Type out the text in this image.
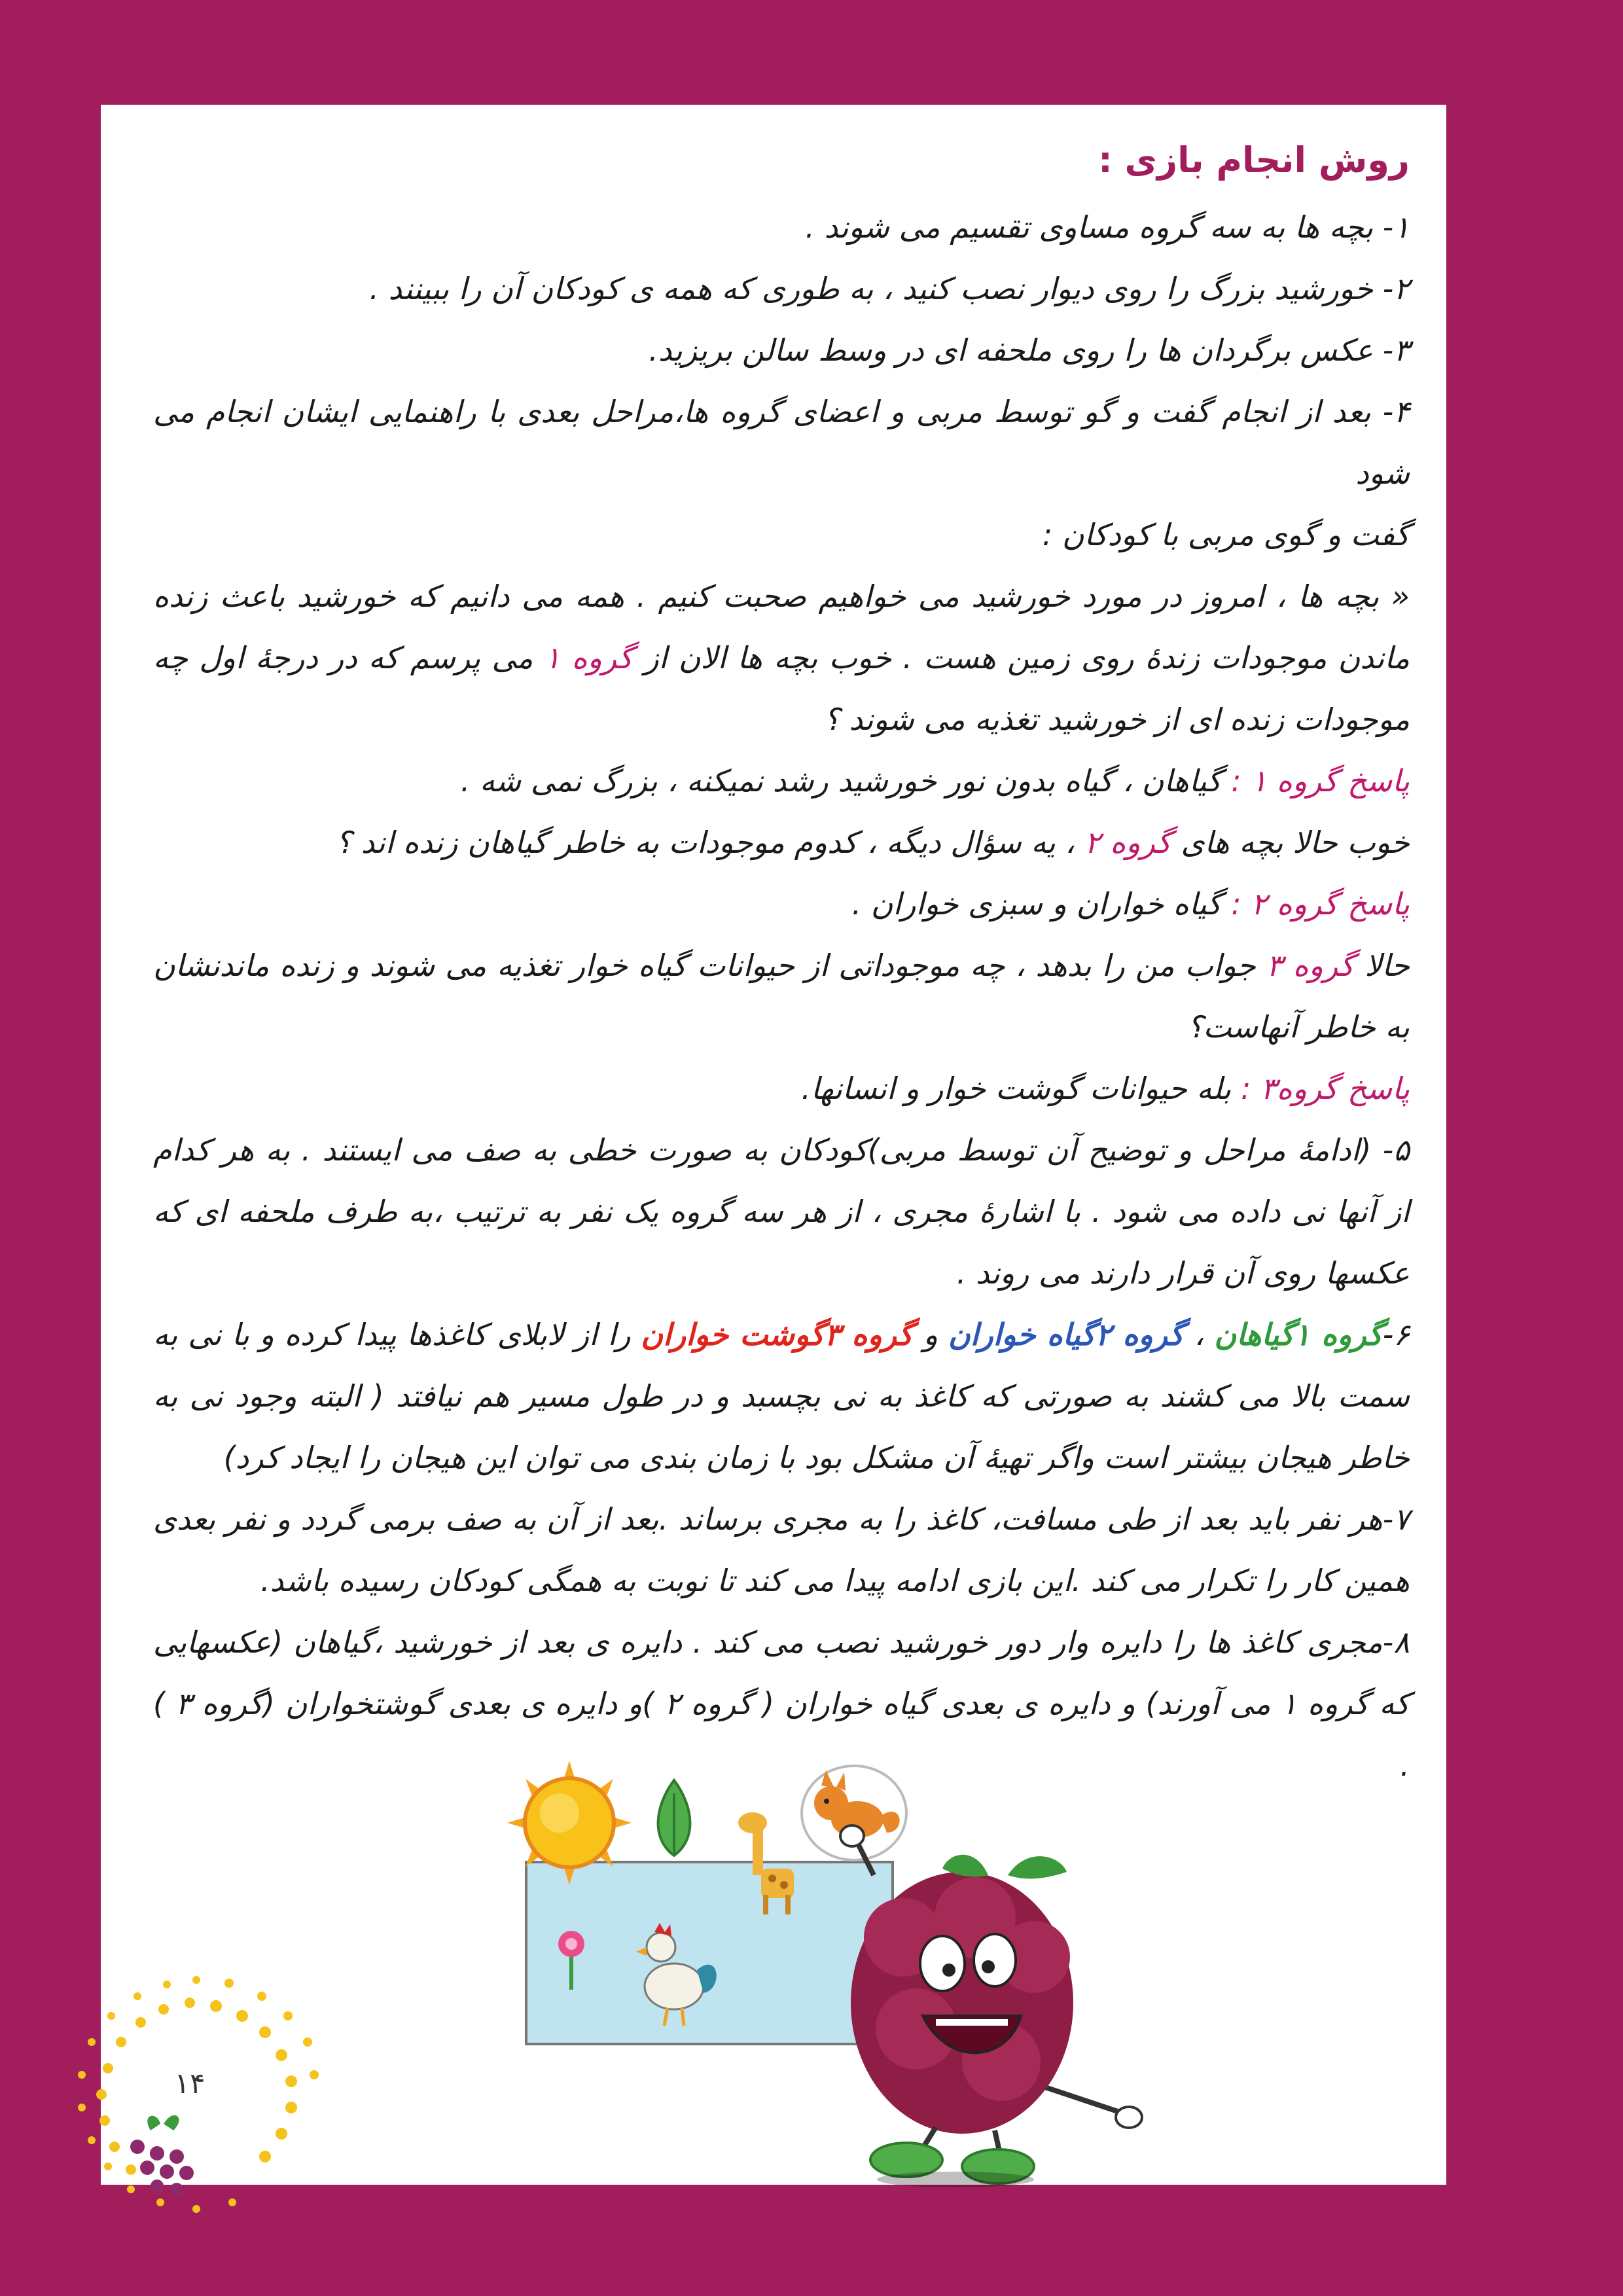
روش انجام بازی :

۱- بچه ها به سه گروه مساوی تقسیم می شوند .

۲- خورشید بزرگ را روی دیوار نصب کنید ، به طوری که همه ی کودکان آن را ببینند .

۳- عکس برگردان ها را روی ملحفه ای در وسط سالن بریزید.

۴- بعد از انجام گفت و گو توسط مربی و اعضای گروه ها،مراحل بعدی با راهنمایی ایشان انجام می شود

گفت و گوی مربی با کودکان :

« بچه ها ، امروز در مورد خورشید می خواهیم صحبت کنیم . همه می دانیم که خورشید باعث زنده ماندن موجودات زندهٔ روی زمین هست . خوب بچه ها الان از گروه ۱ می پرسم که در درجهٔ اول چه موجودات زنده ای از خورشید تغذیه می شوند ؟

پاسخ گروه ۱ : گیاهان ، گیاه بدون نور خورشید رشد نمیکنه ، بزرگ نمی شه .

خوب حالا بچه های گروه ۲ ، یه سؤال دیگه ، کدوم موجودات به خاطر گیاهان زنده اند ؟

پاسخ گروه ۲ : گیاه خواران و سبزی خواران .

حالا گروه ۳ جواب من را بدهد ، چه موجوداتی از حیوانات گیاه خوار تغذیه می شوند و زنده ماندنشان به خاطر آنهاست؟

پاسخ گروه۳ : بله حیوانات گوشت خوار و انسانها.

۵- (ادامهٔ مراحل و توضیح آن توسط مربی)کودکان به صورت خطی به صف می ایستند . به هر کدام از آنها نی داده می شود . با اشارهٔ مجری ، از هر سه گروه یک نفر به ترتیب ،به طرف ملحفه ای که عکسها روی آن قرار دارند می روند .

۶-گروه ۱گیاهان ، گروه ۲گیاه خواران و گروه ۳گوشت خواران را از لابلای کاغذها پیدا کرده و با نی به سمت بالا می کشند به صورتی که کاغذ به نی بچسبد و در طول مسیر هم نیافتد ( البته وجود نی به خاطر هیجان بیشتر است واگر تهیهٔ آن مشکل بود با زمان بندی می توان این هیجان را ایجاد کرد)

۷-هر نفر باید بعد از طی مسافت، کاغذ را به مجری برساند .بعد از آن به صف برمی گردد و نفر بعدی همین کار را تکرار می کند .این بازی ادامه پیدا می کند تا نوبت به همگی کودکان رسیده باشد.

۸-مجری کاغذ ها را دایره وار دور خورشید نصب می کند . دایره ی بعد از خورشید ،گیاهان (عکسهایی که گروه ۱ می آورند) و دایره ی بعدی گیاه خواران ( گروه ۲ )و دایره ی بعدی گوشتخواران (گروه ۳ ) .

۱۴
